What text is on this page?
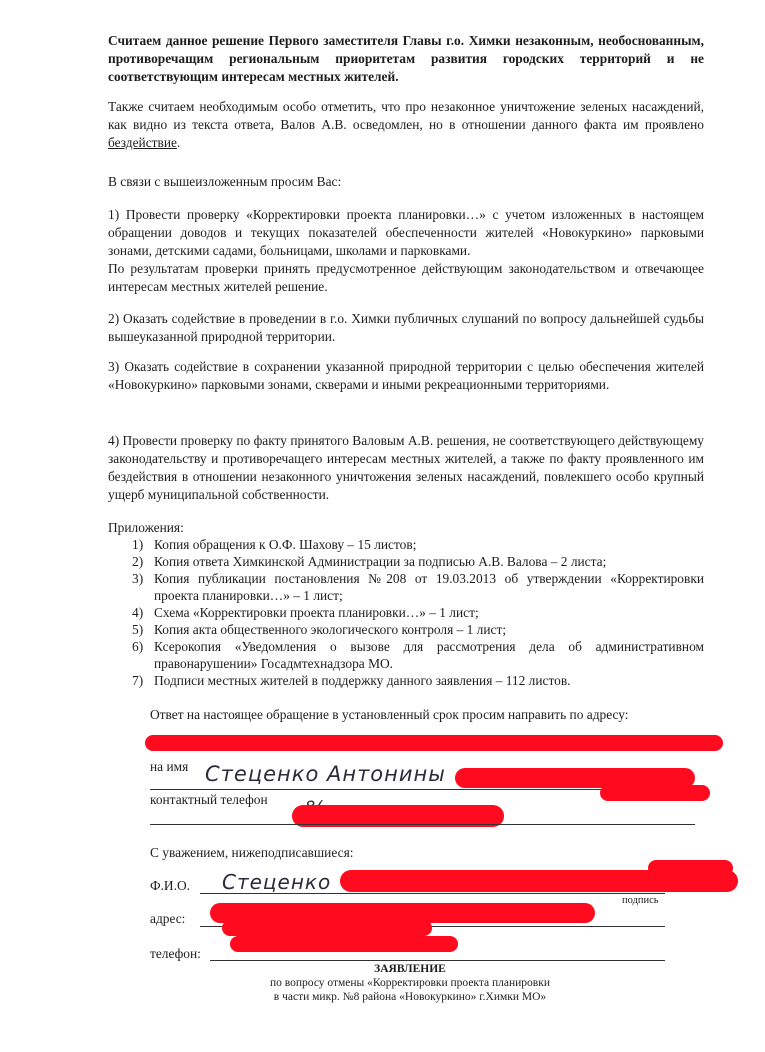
Считаем данное решение Первого заместителя Главы г.о. Химки незаконным, необоснованным, противоречащим региональным приоритетам развития городских территорий и не соответствующим интересам местных жителей.

Также считаем необходимым особо отметить, что про незаконное уничтожение зеленых насаждений, как видно из текста ответа, Валов А.В. осведомлен, но в отношении данного факта им проявлено бездействие.

В связи с вышеизложенным просим Вас:

1) Провести проверку «Корректировки проекта планировки…» с учетом изложенных в настоящем обращении доводов и текущих показателей обеспеченности жителей «Новокуркино» парковыми зонами, детскими садами, больницами, школами и парковками.

По результатам проверки принять предусмотренное действующим законодательством и отвечающее интересам местных жителей решение.

2) Оказать содействие в проведении в г.о. Химки публичных слушаний по вопросу дальнейшей судьбы вышеуказанной природной территории.

3) Оказать содействие в сохранении указанной природной территории с целью обеспечения жителей «Новокуркино» парковыми зонами, скверами и иными рекреационными территориями.

4) Провести проверку по факту принятого Валовым А.В. решения, не соответствующего действующему законодательству и противоречащего интересам местных жителей, а также по факту проявленного им бездействия в отношении незаконного уничтожения зеленых насаждений, повлекшего особо крупный ущерб муниципальной собственности.

Приложения:

1) Копия обращения к О.Ф. Шахову – 15 листов;
2) Копия ответа Химкинской Администрации за подписью А.В. Валова – 2 листа;
3) Копия публикации постановления №208 от 19.03.2013 об утверждении «Корректировки проекта планировки…» – 1 лист;
4) Схема «Корректировки проекта планировки…» – 1 лист;
5) Копия акта общественного экологического контроля – 1 лист;
6) Ксерокопия «Уведомления о вызове для рассмотрения дела об административном правонарушении» Госадмтехнадзора МО.
7) Подписи местных жителей в поддержку данного заявления – 112 листов.
Ответ на настоящее обращение в установленный срок просим направить по адресу:
на имя Стеценко Антонины
контактный телефон
С уважением, нижеподписавшиеся:
Ф.И.О. Стеценко
подпись
адрес:
телефон:
ЗАЯВЛЕНИЕ
по вопросу отмены «Корректировки проекта планировки
в части микр. №8 района «Новокуркино» г.Химки МО»
